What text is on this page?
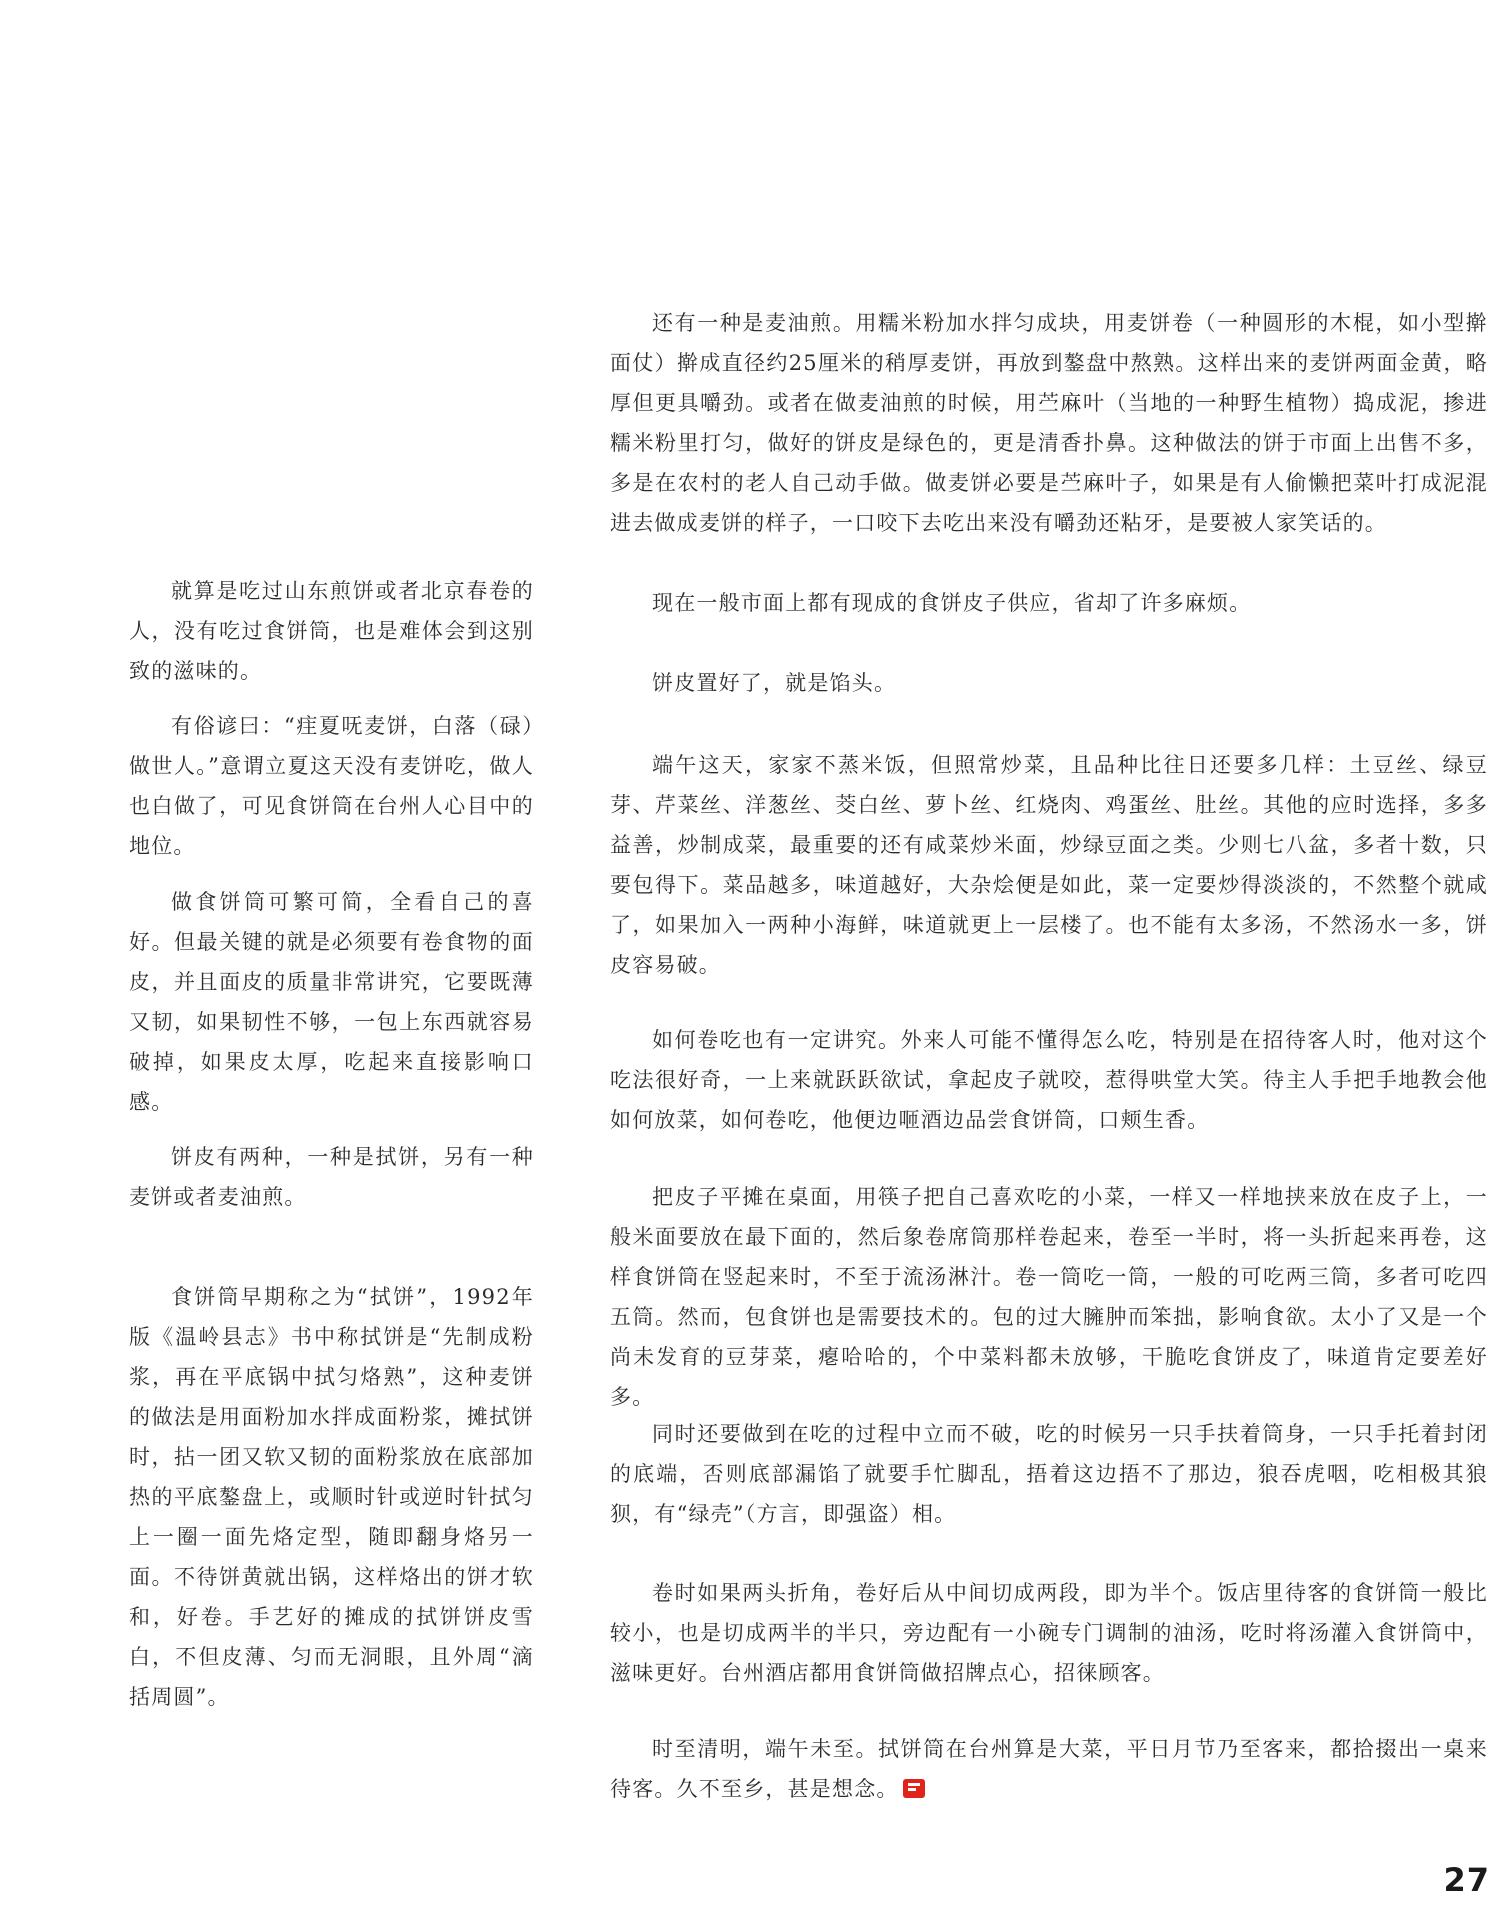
就算是吃过山东煎饼或者北京春卷的人，没有吃过食饼筒，也是难体会到这别致的滋味的。

有俗谚曰：“疰夏呒麦饼，白落（碌）做世人。”意谓立夏这天没有麦饼吃，做人也白做了，可见食饼筒在台州人心目中的地位。

做食饼筒可繁可简，全看自己的喜好。但最关键的就是必须要有卷食物的面皮，并且面皮的质量非常讲究，它要既薄又韧，如果韧性不够，一包上东西就容易破掉，如果皮太厚，吃起来直接影响口感。

饼皮有两种，一种是拭饼，另有一种麦饼或者麦油煎。

食饼筒早期称之为“拭饼”，1992年版《温岭县志》书中称拭饼是“先制成粉浆，再在平底锅中拭匀烙熟”，这种麦饼的做法是用面粉加水拌成面粉浆，摊拭饼时，拈一团又软又韧的面粉浆放在底部加热的平底鏊盘上，或顺时针或逆时针拭匀上一圈一面先烙定型，随即翻身烙另一面。不待饼黄就出锅，这样烙出的饼才软和，好卷。手艺好的摊成的拭饼饼皮雪白，不但皮薄、匀而无洞眼，且外周“滴括周圆”。

还有一种是麦油煎。用糯米粉加水拌匀成块，用麦饼卷（一种圆形的木棍，如小型擀面仗）擀成直径约25厘米的稍厚麦饼，再放到鏊盘中熬熟。这样出来的麦饼两面金黄，略厚但更具嚼劲。或者在做麦油煎的时候，用苎麻叶（当地的一种野生植物）捣成泥，掺进糯米粉里打匀，做好的饼皮是绿色的，更是清香扑鼻。这种做法的饼于市面上出售不多，多是在农村的老人自己动手做。做麦饼必要是苎麻叶子，如果是有人偷懒把菜叶打成泥混进去做成麦饼的样子，一口咬下去吃出来没有嚼劲还粘牙，是要被人家笑话的。

现在一般市面上都有现成的食饼皮子供应，省却了许多麻烦。

饼皮置好了，就是馅头。

端午这天，家家不蒸米饭，但照常炒菜，且品种比往日还要多几样：土豆丝、绿豆芽、芹菜丝、洋葱丝、茭白丝、萝卜丝、红烧肉、鸡蛋丝、肚丝。其他的应时选择，多多益善，炒制成菜，最重要的还有咸菜炒米面，炒绿豆面之类。少则七八盆，多者十数，只要包得下。菜品越多，味道越好，大杂烩便是如此，菜一定要炒得淡淡的，不然整个就咸了，如果加入一两种小海鲜，味道就更上一层楼了。也不能有太多汤，不然汤水一多，饼皮容易破。

如何卷吃也有一定讲究。外来人可能不懂得怎么吃，特别是在招待客人时，他对这个吃法很好奇，一上来就跃跃欲试，拿起皮子就咬，惹得哄堂大笑。待主人手把手地教会他如何放菜，如何卷吃，他便边咂酒边品尝食饼筒，口颊生香。

把皮子平摊在桌面，用筷子把自己喜欢吃的小菜，一样又一样地挟来放在皮子上，一般米面要放在最下面的，然后象卷席筒那样卷起来，卷至一半时，将一头折起来再卷，这样食饼筒在竖起来时，不至于流汤淋汁。卷一筒吃一筒，一般的可吃两三筒，多者可吃四五筒。然而，包食饼也是需要技术的。包的过大臃肿而笨拙，影响食欲。太小了又是一个尚未发育的豆芽菜，瘪哈哈的，个中菜料都未放够，干脆吃食饼皮了，味道肯定要差好多。

同时还要做到在吃的过程中立而不破，吃的时候另一只手扶着筒身，一只手托着封闭的底端，否则底部漏馅了就要手忙脚乱，捂着这边捂不了那边，狼吞虎咽，吃相极其狼狈，有“绿壳”（方言，即强盗）相。

卷时如果两头折角，卷好后从中间切成两段，即为半个。饭店里待客的食饼筒一般比较小，也是切成两半的半只，旁边配有一小碗专门调制的油汤，吃时将汤灌入食饼筒中，滋味更好。台州酒店都用食饼筒做招牌点心，招徕顾客。

时至清明，端午未至。拭饼筒在台州算是大菜，平日月节乃至客来，都拾掇出一桌来待客。久不至乡，甚是想念。

27
